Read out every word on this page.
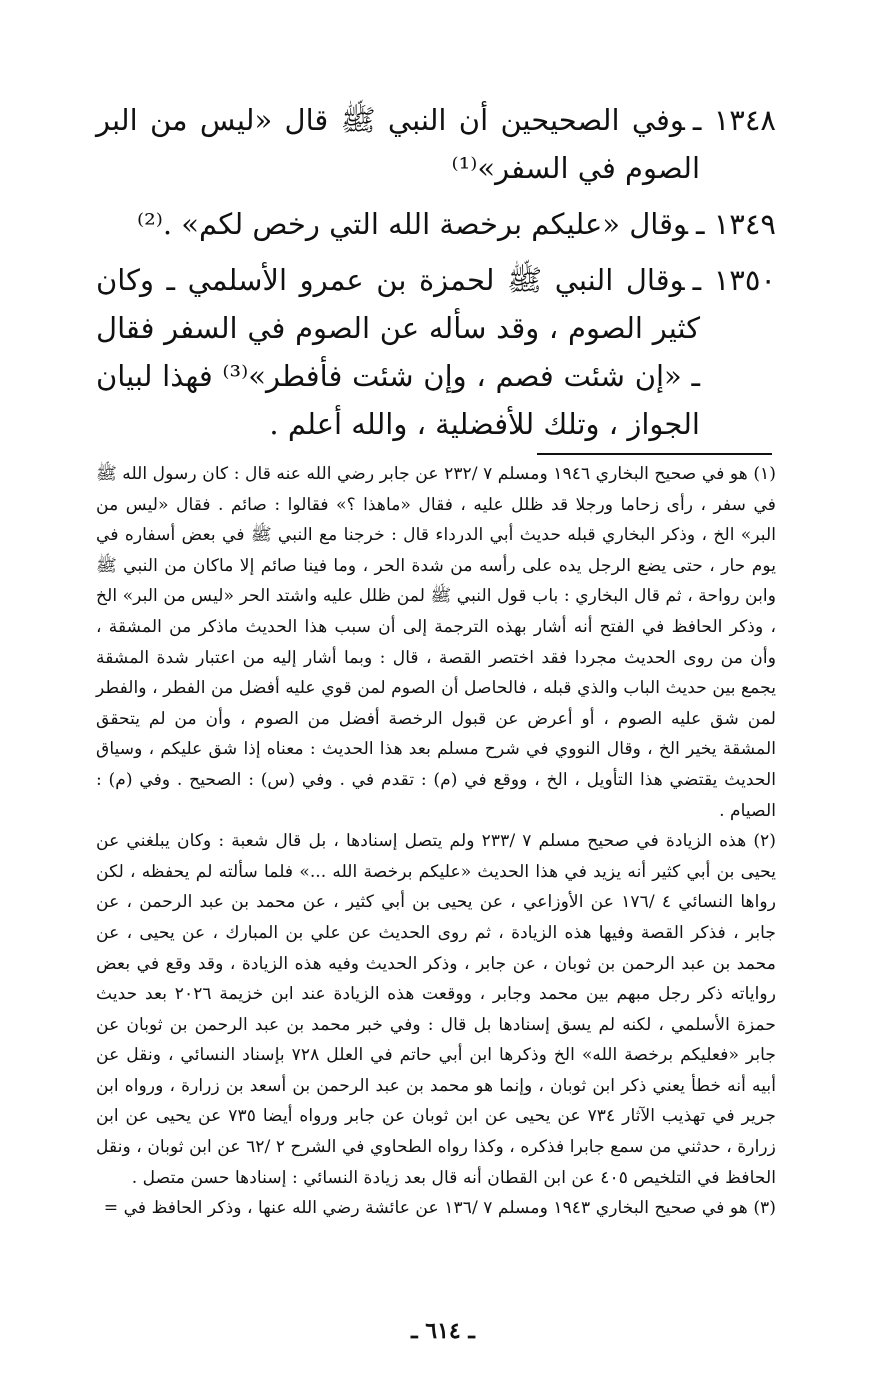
١٣٤٨ ـوفي الصحيحين أن النبي ﷺ قال «ليس من البر الصوم في السفر»⁽¹⁾

١٣٤٩ ـوقال «عليكم برخصة الله التي رخص لكم» .⁽²⁾

١٣٥٠ ـوقال النبي ﷺ لحمزة بن عمرو الأسلمي ـ وكان كثير الصوم ، وقد سأله عن الصوم في السفر فقال ـ «إن شئت فصم ، وإن شئت فأفطر»⁽³⁾ فهذا لبيان الجواز ، وتلك للأفضلية ، والله أعلم .

(١) هو في صحيح البخاري ١٩٤٦ ومسلم ٧ /٢٣٢ عن جابر رضي الله عنه قال : كان رسول الله ﷺ في سفر ، رأى زحاما ورجلا قد ظلل عليه ، فقال «ماهذا ؟» فقالوا : صائم . فقال «ليس من البر» الخ ، وذكر البخاري قبله حديث أبي الدرداء قال : خرجنا مع النبي ﷺ في بعض أسفاره في يوم حار ، حتى يضع الرجل يده على رأسه من شدة الحر ، وما فينا صائم إلا ماكان من النبي ﷺ وابن رواحة ، ثم قال البخاري : باب قول النبي ﷺ لمن ظلل عليه واشتد الحر «ليس من البر» الخ ، وذكر الحافظ في الفتح أنه أشار بهذه الترجمة إلى أن سبب هذا الحديث ماذكر من المشقة ، وأن من روى الحديث مجردا فقد اختصر القصة ، قال : وبما أشار إليه من اعتبار شدة المشقة يجمع بين حديث الباب والذي قبله ، فالحاصل أن الصوم لمن قوي عليه أفضل من الفطر ، والفطر لمن شق عليه الصوم ، أو أعرض عن قبول الرخصة أفضل من الصوم ، وأن من لم يتحقق المشقة يخير الخ ، وقال النووي في شرح مسلم بعد هذا الحديث : معناه إذا شق عليكم ، وسياق الحديث يقتضي هذا التأويل ، الخ ، ووقع في (م) : تقدم في . وفي (س) : الصحيح . وفي (م) : الصيام .

(٢) هذه الزيادة في صحيح مسلم ٧ /٢٣٣ ولم يتصل إسنادها ، بل قال شعبة : وكان يبلغني عن يحيى بن أبي كثير أنه يزيد في هذا الحديث «عليكم برخصة الله ...» فلما سألته لم يحفظه ، لكن رواها النسائي ٤ /١٧٦ عن الأوزاعي ، عن يحيى بن أبي كثير ، عن محمد بن عبد الرحمن ، عن جابر ، فذكر القصة وفيها هذه الزيادة ، ثم روى الحديث عن علي بن المبارك ، عن يحيى ، عن محمد بن عبد الرحمن بن ثوبان ، عن جابر ، وذكر الحديث وفيه هذه الزيادة ، وقد وقع في بعض رواياته ذكر رجل مبهم بين محمد وجابر ، ووقعت هذه الزيادة عند ابن خزيمة ٢٠٢٦ بعد حديث حمزة الأسلمي ، لكنه لم يسق إسنادها بل قال : وفي خبر محمد بن عبد الرحمن بن ثوبان عن جابر «فعليكم برخصة الله» الخ وذكرها ابن أبي حاتم في العلل ٧٢٨ بإسناد النسائي ، ونقل عن أبيه أنه خطأ يعني ذكر ابن ثوبان ، وإنما هو محمد بن عبد الرحمن بن أسعد بن زرارة ، ورواه ابن جرير في تهذيب الآثار ٧٣٤ عن يحيى عن ابن ثوبان عن جابر ورواه أيضا ٧٣٥ عن يحيى عن ابن زرارة ، حدثني من سمع جابرا فذكره ، وكذا رواه الطحاوي في الشرح ٢ /٦٢ عن ابن ثوبان ، ونقل الحافظ في التلخيص ٤٠٥ عن ابن القطان أنه قال بعد زيادة النسائي : إسنادها حسن متصل .

(٣) هو في صحيح البخاري ١٩٤٣ ومسلم ٧ /١٣٦ عن عائشة رضي الله عنها ، وذكر الحافظ في =

ـ ٦١٤ ـ
